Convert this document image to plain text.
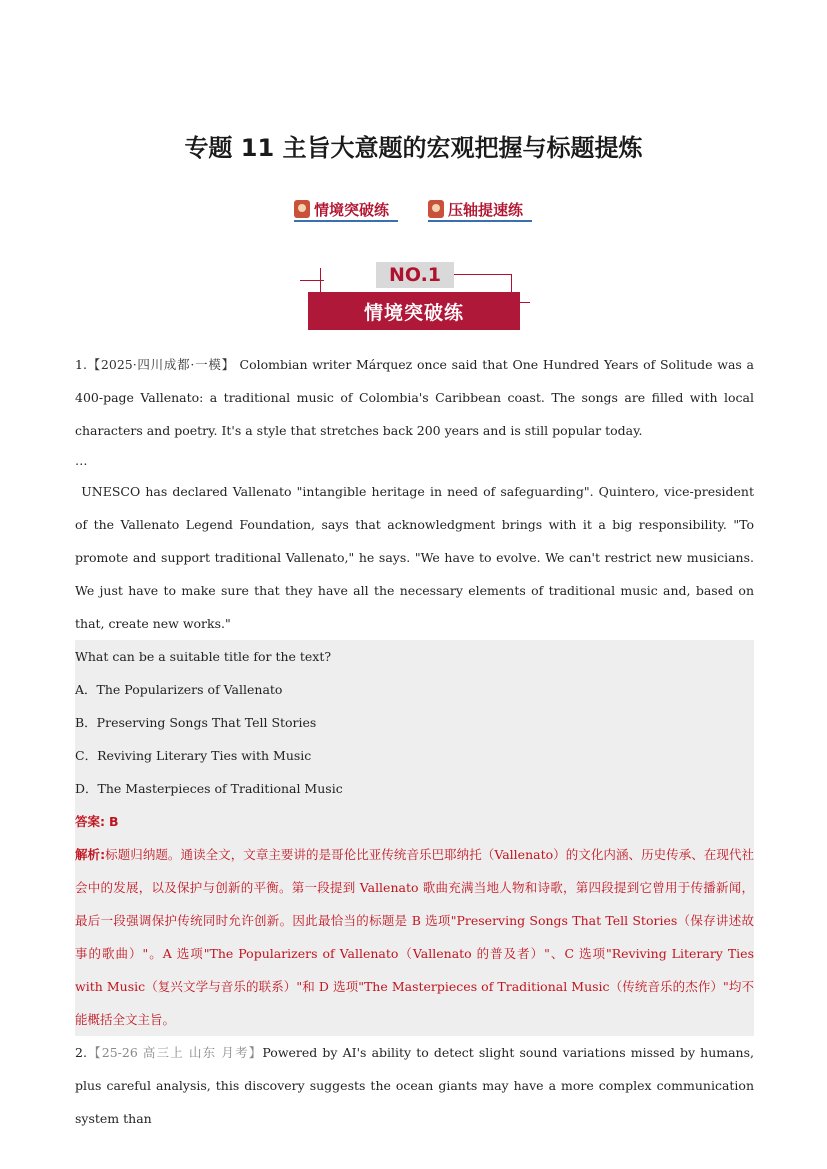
专题 11 主旨大意题的宏观把握与标题提炼
情境突破练	压轴提速练
NO.1
情境突破练

1.【2025·四川成都·一模】 Colombian writer Márquez once said that One Hundred Years of Solitude was a 400-page Vallenato: a traditional music of Colombia's Caribbean coast. The songs are filled with local characters and poetry. It's a style that stretches back 200 years and is still popular today.

…

UNESCO has declared Vallenato "intangible heritage in need of safeguarding". Quintero, vice-president of the Vallenato Legend Foundation, says that acknowledgment brings with it a big responsibility. "To promote and support traditional Vallenato," he says. "We have to evolve. We can't restrict new musicians. We just have to make sure that they have all the necessary elements of traditional music and, based on that, create new works."

What can be a suitable title for the text?

A．The Popularizers of Vallenato

B．Preserving Songs That Tell Stories

C．Reviving Literary Ties with Music

D．The Masterpieces of Traditional Music

答案: B

解析:标题归纳题。通读全文，文章主要讲的是哥伦比亚传统音乐巴耶纳托（Vallenato）的文化内涵、历史传承、在现代社会中的发展，以及保护与创新的平衡。第一段提到 Vallenato 歌曲充满当地人物和诗歌，第四段提到它曾用于传播新闻，最后一段强调保护传统同时允许创新。因此最恰当的标题是 B 选项"Preserving Songs That Tell Stories（保存讲述故事的歌曲）"。A 选项"The Popularizers of Vallenato（Vallenato 的普及者）"、C 选项"Reviving Literary Ties with Music（复兴文学与音乐的联系）"和 D 选项"The Masterpieces of Traditional Music（传统音乐的杰作）"均不能概括全文主旨。

2.【25-26 高三上 山东 月考】Powered by AI's ability to detect slight sound variations missed by humans, plus careful analysis, this discovery suggests the ocean giants may have a more complex communication system than
